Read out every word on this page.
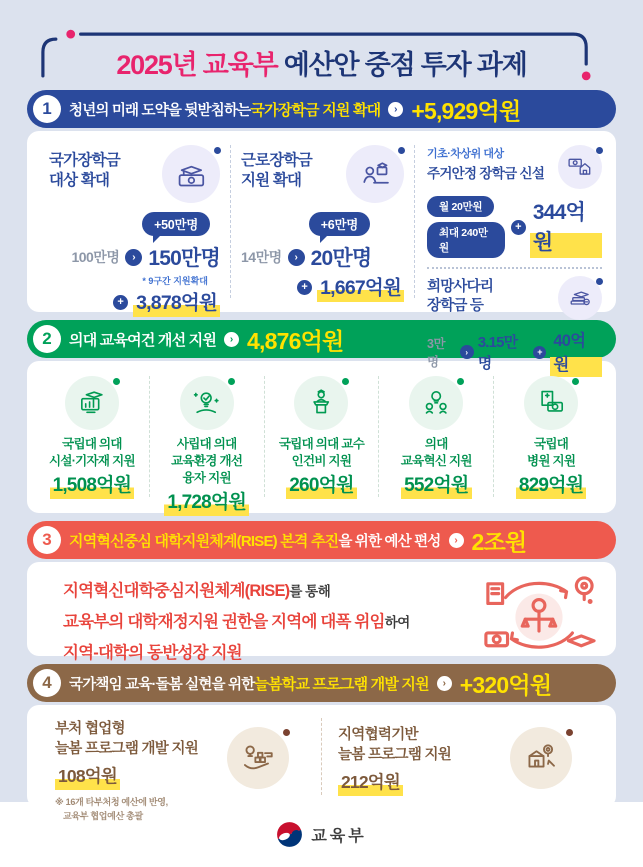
2025년 교육부 예산안 중점 투자 과제
1	청년의 미래 도약을 뒷받침하는 국가장학금 지원 확대	› +5,929억원
국가장학금
대상 확대
+50만명
100만명	› 150만명
* 9구간 지원확대
+ 3,878억원
근로장학금
지원 확대
+6만명
14만명	› 20만명
+ 1,667억원
기초·차상위 대상
주거안정 장학금 신설
월 20만원
최대 240만원
+
344억원
희망사다리
장학금 등
3만명
›
3.15만명
+
40억원
2	의대 교육여건 개선 지원	› 4,876억원
국립대 의대
시설·기자재 지원
1,508억원
사립대 의대
교육환경 개선
융자 지원
1,728억원
국립대 의대 교수
인건비 지원
260억원
의대
교육혁신 지원
552억원
국립대
병원 지원
829억원
3	지역혁신중심 대학지원체계(RISE) 본격 추진 을 위한 예산 편성	› 2조원
지역혁신대학중심지원체계(RISE)를 통해
교육부의 대학재정지원 권한을 지역에 대폭 위임하여
지역-대학의 동반성장 지원
4	국가책임 교육·돌봄 실현을 위한 늘봄학교 프로그램 개발 지원	› +320억원
부처 협업형
늘봄 프로그램 개발 지원
108억원
※ 16개 타부처청 예산에 반영,
교육부 협업예산 총괄
지역협력기반
늘봄 프로그램 지원
212억원
교육부
